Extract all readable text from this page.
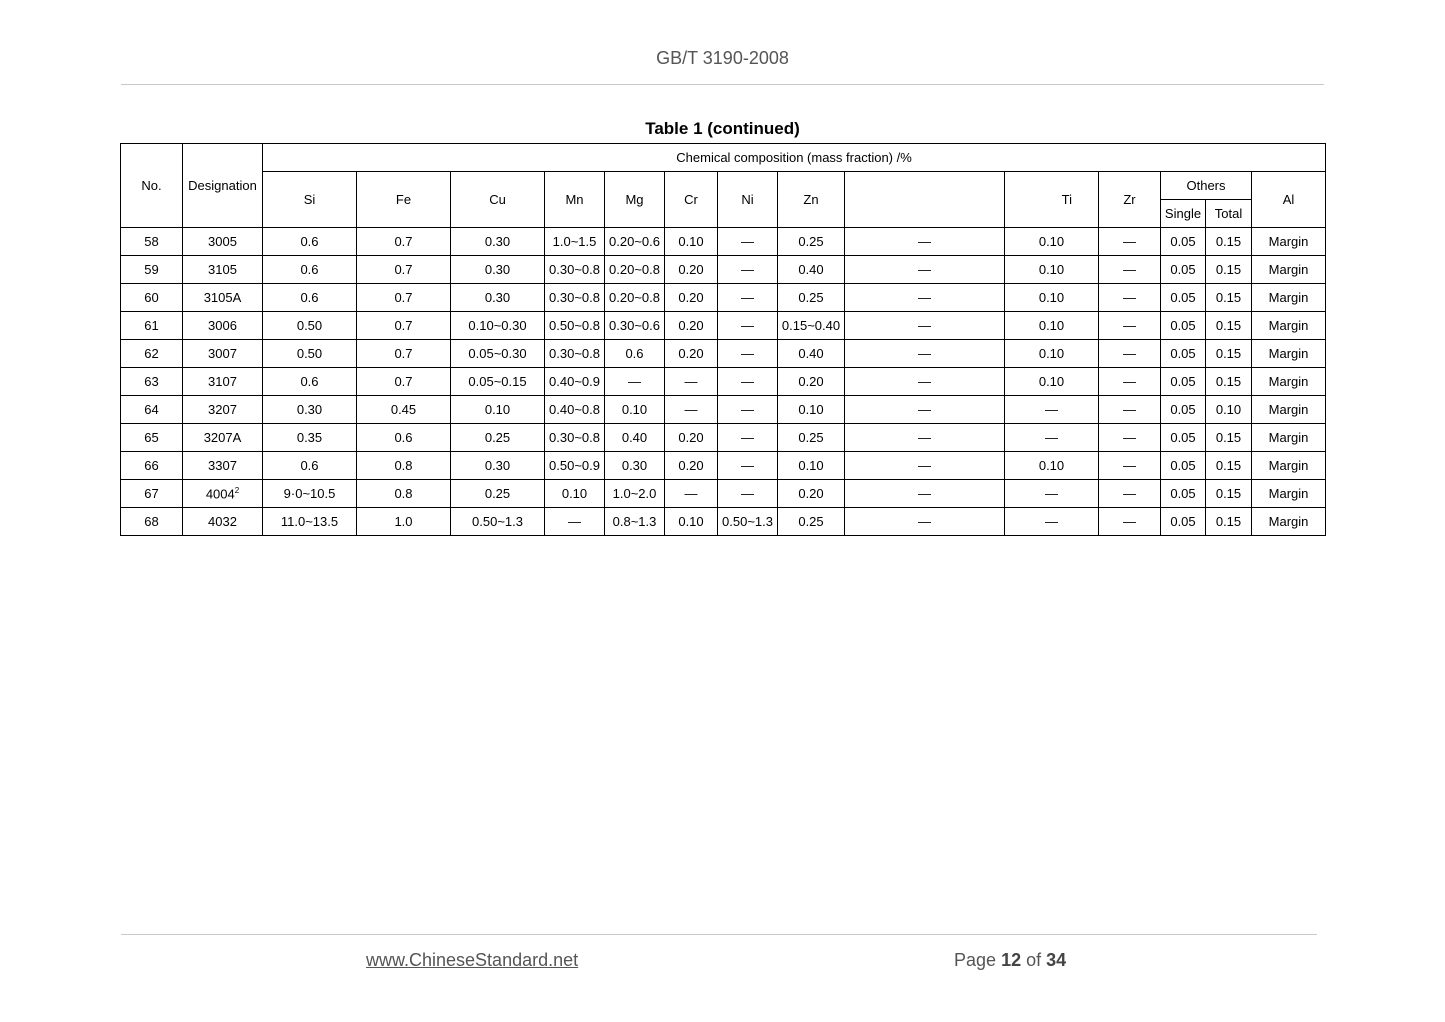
GB/T 3190-2008
Table 1 (continued)
No.	Designation	Chemical composition (mass fraction) /%													
		Si	Fe	Cu	Mn	Mg	Cr	Ni	Zn		Ti	Zr	Others		Al
													Single	Total	
58	3005	0.6	0.7	0.30	1.0~1.5	0.20~0.6	0.10	—	0.25	—	0.10	—	0.05	0.15	Margin
59	3105	0.6	0.7	0.30	0.30~0.8	0.20~0.8	0.20	—	0.40	—	0.10	—	0.05	0.15	Margin
60	3105A	0.6	0.7	0.30	0.30~0.8	0.20~0.8	0.20	—	0.25	—	0.10	—	0.05	0.15	Margin
61	3006	0.50	0.7	0.10~0.30	0.50~0.8	0.30~0.6	0.20	—	0.15~0.40	—	0.10	—	0.05	0.15	Margin
62	3007	0.50	0.7	0.05~0.30	0.30~0.8	0.6	0.20	—	0.40	—	0.10	—	0.05	0.15	Margin
63	3107	0.6	0.7	0.05~0.15	0.40~0.9	—	—	—	0.20	—	0.10	—	0.05	0.15	Margin
64	3207	0.30	0.45	0.10	0.40~0.8	0.10	—	—	0.10	—	—	—	0.05	0.10	Margin
65	3207A	0.35	0.6	0.25	0.30~0.8	0.40	0.20	—	0.25	—	—	—	0.05	0.15	Margin
66	3307	0.6	0.8	0.30	0.50~0.9	0.30	0.20	—	0.10	—	0.10	—	0.05	0.15	Margin
67	4004$^2$	9·0~10.5	0.8	0.25	0.10	1.0~2.0	—	—	0.20	—	—	—	0.05	0.15	Margin
68	4032	11.0~13.5	1.0	0.50~1.3	—	0.8~1.3	0.10	0.50~1.3	0.25	—	—	—	0.05	0.15	Margin
www.ChineseStandard.net	Page 12 of 34
